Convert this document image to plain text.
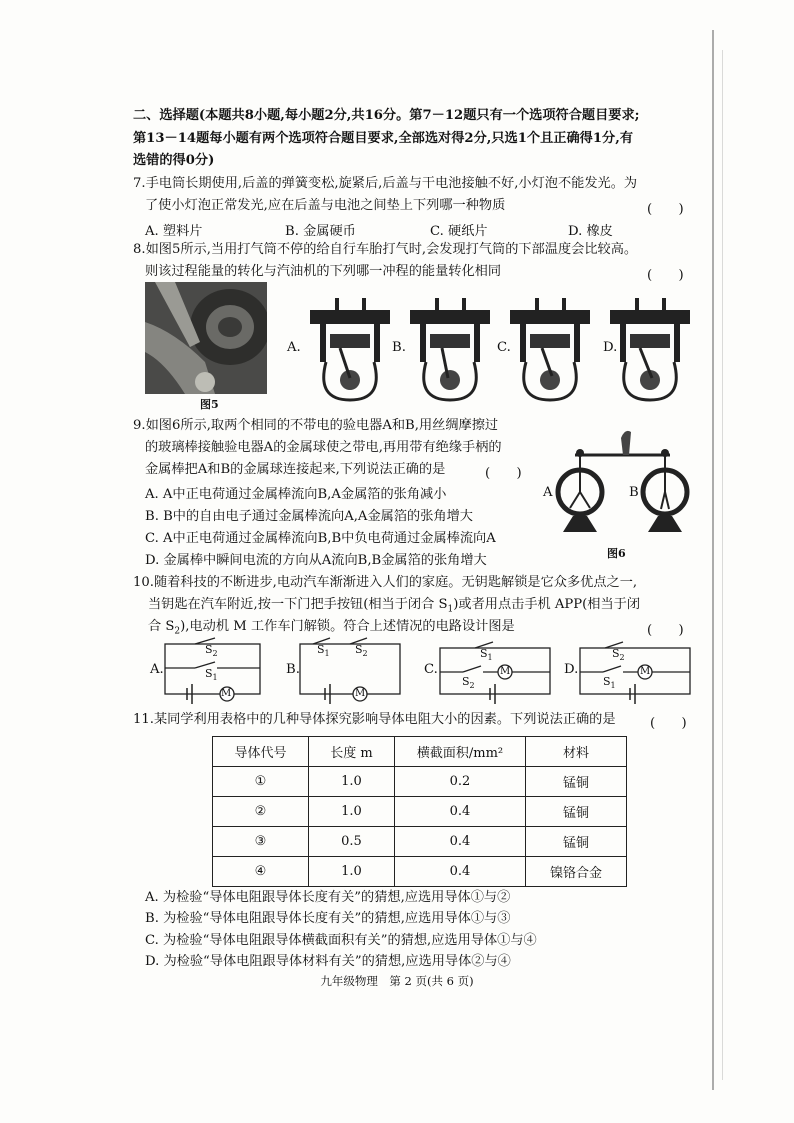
二、选择题(本题共8小题,每小题2分,共16分。第7－12题只有一个选项符合题目要求;
第13－14题每小题有两个选项符合题目要求,全部选对得2分,只选1个且正确得1分,有
选错的得0分)
7.手电筒长期使用,后盖的弹簧变松,旋紧后,后盖与干电池接触不好,小灯泡不能发光。为
了使小灯泡正常发光,应在后盖与电池之间垫上下列哪一种物质	(　　)
A. 塑料片	B. 金属硬币	C. 硬纸片	D. 橡皮
8.如图5所示,当用打气筒不停的给自行车胎打气时,会发现打气筒的下部温度会比较高。
则该过程能量的转化与汽油机的下列哪一冲程的能量转化相同	(　　)
图5
A.	B.	C.	D.
9.如图6所示,取两个相同的不带电的验电器A和B,用丝绸摩擦过
的玻璃棒接触验电器A的金属球使之带电,再用带有绝缘手柄的
金属棒把A和B的金属球连接起来,下列说法正确的是	(　　)
A. A中正电荷通过金属棒流向B,A金属箔的张角减小
B. B中的自由电子通过金属棒流向A,A金属箔的张角增大
C. A中正电荷通过金属棒流向B,B中负电荷通过金属棒流向A
D. 金属棒中瞬间电流的方向从A流向B,B金属箔的张角增大
A	B
图6
10.随着科技的不断进步,电动汽车渐渐进入人们的家庭。无钥匙解锁是它众多优点之一,
当钥匙在汽车附近,按一下门把手按钮(相当于闭合 $S_1$)或者用点击手机 APP(相当于闭
合 $S_2$),电动机 M 工作车门解锁。符合上述情况的电路设计图是	(　　)
A.	B.	C.	D.
$S_2$
$S_1$
M
$S_1$ $S_2$
M
$S_1$
$S_2$
M
$S_2$
$S_1$
M
11.某同学利用表格中的几种导体探究影响导体电阻大小的因素。下列说法正确的是	(　　)
导体代号	长度 m	横截面积/mm²	材料
①	1.0	0.2	锰铜
②	1.0	0.4	锰铜
③	0.5	0.4	锰铜
④	1.0	0.4	镍铬合金
A. 为检验“导体电阻跟导体长度有关”的猜想,应选用导体①与②
B. 为检验“导体电阻跟导体长度有关”的猜想,应选用导体①与③
C. 为检验“导体电阻跟导体横截面积有关”的猜想,应选用导体①与④
D. 为检验“导体电阻跟导体材料有关”的猜想,应选用导体②与④
九年级物理　第 2 页(共 6 页)
